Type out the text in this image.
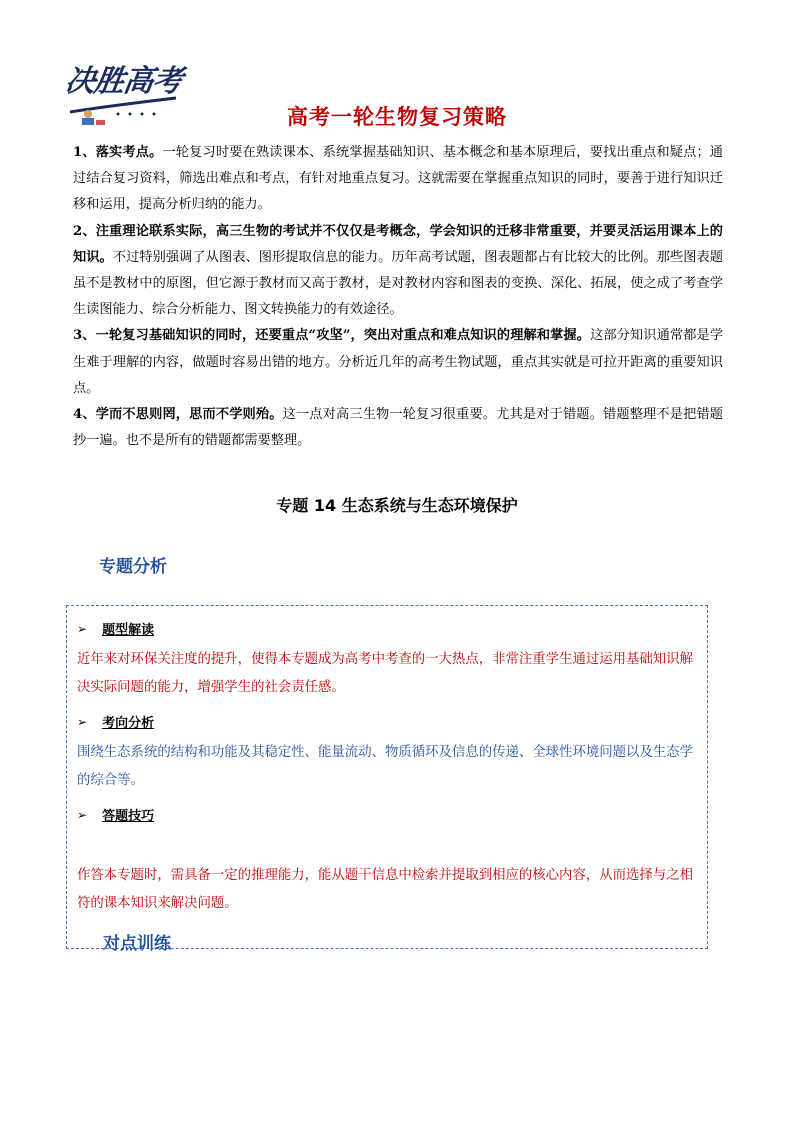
决胜高考
高考一轮生物复习策略

1、落实考点。一轮复习时要在熟读课本、系统掌握基础知识、基本概念和基本原理后，要找出重点和疑点；通过结合复习资料，筛选出难点和考点，有针对地重点复习。这就需要在掌握重点知识的同时，要善于进行知识迁移和运用，提高分析归纳的能力。

2、注重理论联系实际，高三生物的考试并不仅仅是考概念，学会知识的迁移非常重要，并要灵活运用课本上的知识。不过特别强调了从图表、图形提取信息的能力。历年高考试题，图表题都占有比较大的比例。那些图表题虽不是教材中的原图，但它源于教材而又高于教材，是对教材内容和图表的变换、深化、拓展，使之成了考查学生读图能力、综合分析能力、图文转换能力的有效途径。

3、一轮复习基础知识的同时，还要重点“攻坚”，突出对重点和难点知识的理解和掌握。这部分知识通常都是学生难于理解的内容，做题时容易出错的地方。分析近几年的高考生物试题，重点其实就是可拉开距离的重要知识点。

4、学而不思则罔，思而不学则殆。这一点对高三生物一轮复习很重要。尤其是对于错题。错题整理不是把错题抄一遍。也不是所有的错题都需要整理。

专题 14 生态系统与生态环境保护
专题分析
➢ 题型解读
近年来对环保关注度的提升，使得本专题成为高考中考查的一大热点，非常注重学生通过运用基础知识解决实际问题的能力，增强学生的社会责任感。
➢ 考向分析
围绕生态系统的结构和功能及其稳定性、能量流动、物质循环及信息的传递、全球性环境问题以及生态学的综合等。
➢ 答题技巧
作答本专题时，需具备一定的推理能力，能从题干信息中检索并提取到相应的核心内容，从而选择与之相符的课本知识来解决问题。
对点训练
